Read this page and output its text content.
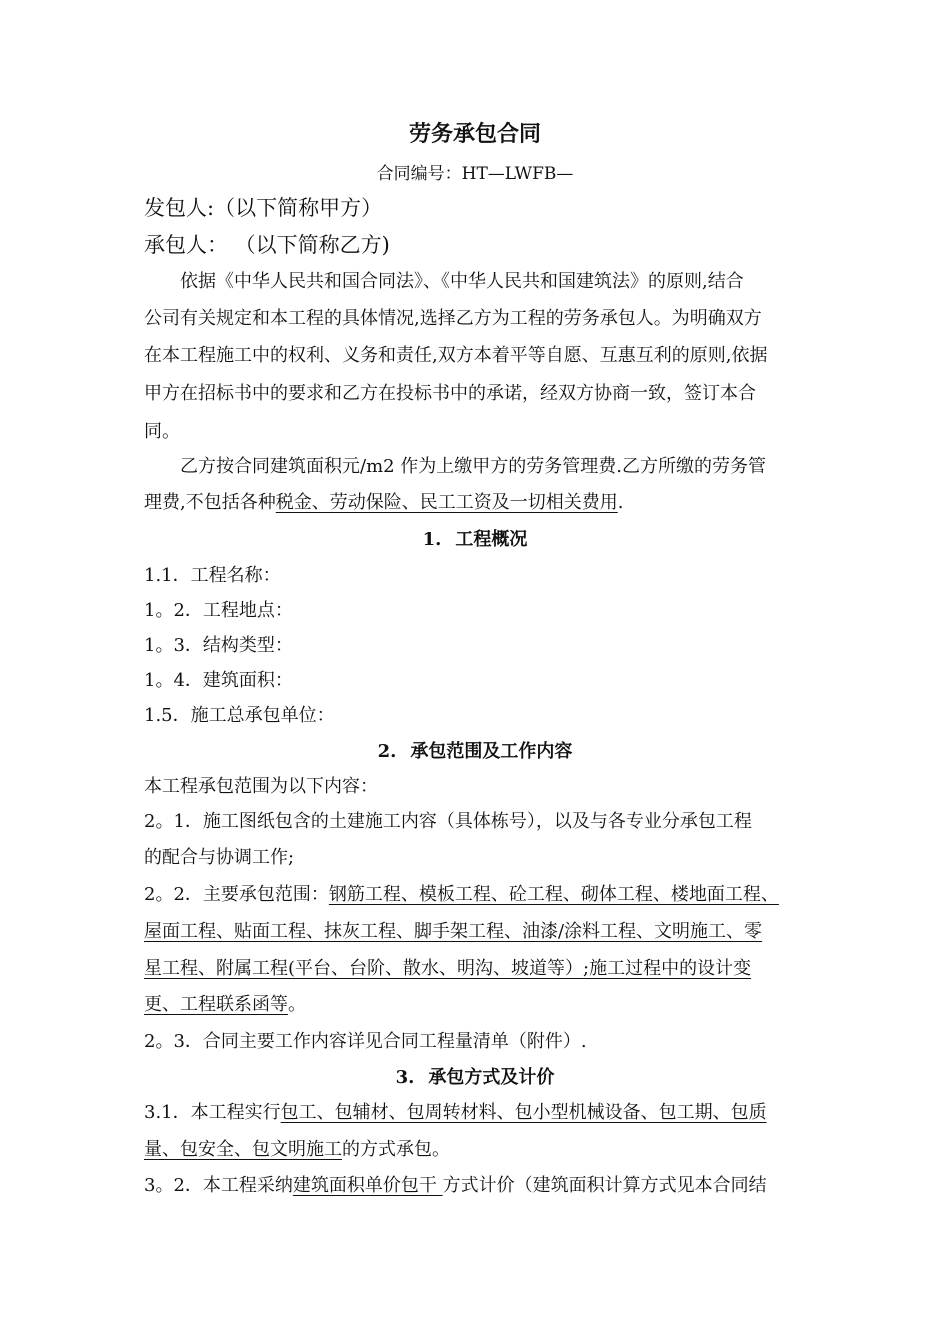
劳务承包合同
合同编号：HT—LWFB—
发包人:（以下简称甲方）
承包人： （以下简称乙方)
依据《中华人民共和国合同法》、《中华人民共和国建筑法》的原则,结合
公司有关规定和本工程的具体情况,选择乙方为工程的劳务承包人。为明确双方
在本工程施工中的权利、义务和责任,双方本着平等自愿、互惠互利的原则,依据
甲方在招标书中的要求和乙方在投标书中的承诺，经双方协商一致，签订本合
同。
乙方按合同建筑面积元/m2 作为上缴甲方的劳务管理费.乙方所缴的劳务管
理费,不包括各种税金、劳动保险、民工工资及一切相关费用.
1. 工程概况
1.1．工程名称：
1。2．工程地点：
1。3．结构类型：
1。4．建筑面积：
1.5．施工总承包单位：
2. 承包范围及工作内容
本工程承包范围为以下内容：
2。1．施工图纸包含的土建施工内容（具体栋号），以及与各专业分承包工程
的配合与协调工作;
2。2．主要承包范围：钢筋工程、模板工程、砼工程、砌体工程、楼地面工程、
屋面工程、贴面工程、抹灰工程、脚手架工程、油漆/涂料工程、文明施工、零
星工程、附属工程(平台、台阶、散水、明沟、坡道等）;施工过程中的设计变
更、工程联系函等。
2。3．合同主要工作内容详见合同工程量清单（附件）.
3. 承包方式及计价
3.1．本工程实行包工、包辅材、包周转材料、包小型机械设备、包工期、包质
量、包安全、包文明施工的方式承包。
3。2．本工程采纳建筑面积单价包干 方式计价（建筑面积计算方式见本合同结
